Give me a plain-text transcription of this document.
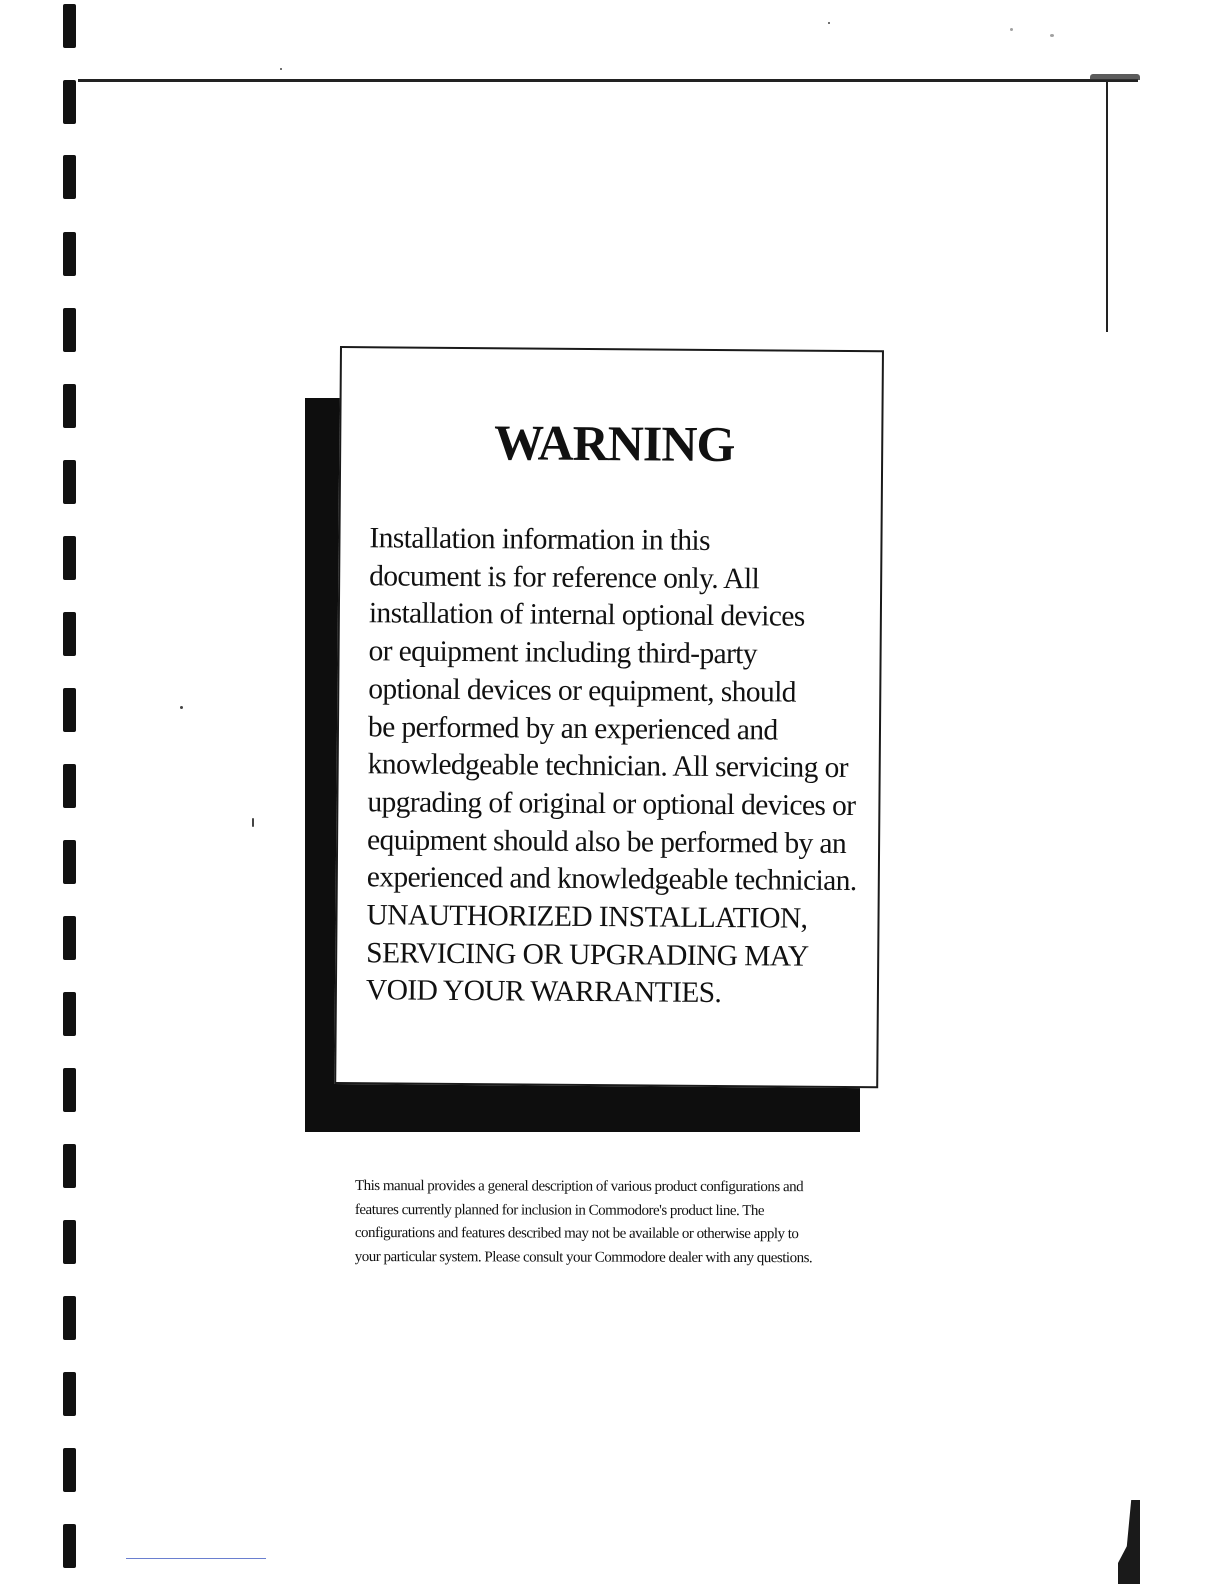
WARNING

Installation information in this
document is for reference only. All
installation of internal optional devices
or equipment including third-party
optional devices or equipment, should
be performed by an experienced and
knowledgeable technician. All servicing or
upgrading of original or optional devices or
equipment should also be performed by an
experienced and knowledgeable technician.
UNAUTHORIZED INSTALLATION,
SERVICING OR UPGRADING MAY
VOID YOUR WARRANTIES.

This manual provides a general description of various product configurations and
features currently planned for inclusion in Commodore's product line. The
configurations and features described may not be available or otherwise apply to
your particular system. Please consult your Commodore dealer with any questions.
